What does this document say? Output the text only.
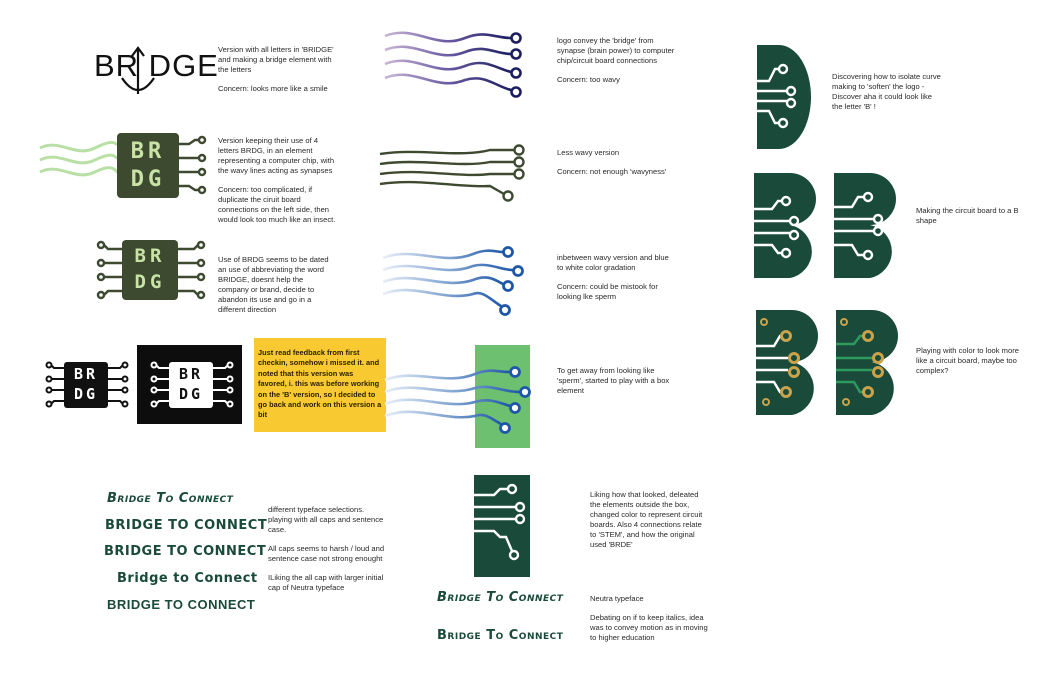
BR DGE Version with all letters in 'BRIDGE' and making a bridge element with the letters

Concern: looks more like a smile

BR
DG

Version keeping their use of 4 letters BRDG, in an element representing a computer chip, with the wavy lines acting as synapses

Concern: too complicated, if duplicate the ciruit board connections on the left side, then would look too much like an insect.

BR
DG

Use of BRDG seems to be dated an use of abbreviating the word BRIDGE, doesnt help the company or brand, decide to abandon its use and go in a different direction

BR
DG
BR
DG
Just read feedback from first checkin, somehow i missed it. and noted that this version was favored, i. this was before working on the 'B' version, so I decided to go back and work on this version a bit
Bridge To Connect
BRIDGE TO CONNECT
BRIDGE TO CONNECT
Bridge to Connect
BRIDGE TO CONNECT

different typeface selections. playing with all caps and sentence case.

All caps seems to harsh / loud and sentence case not strong enought

ILiking the all cap with larger initial cap of Neutra typeface

logo convey the 'bridge' from synapse (brain power) to computer chip/circuit board connections

Concern: too wavy

Less wavy version

Concern: not enough 'wavyness'

inbetween wavy version and blue to white color gradation

Concern: could be mistook for looking lke sperm

To get away from looking like 'sperm', started to play with a box element

Liking how that looked, deleated the elements outside the box, changed color to represent circuit boards. Also 4 connections relate to 'STEM', and how the original used 'BRDE'

Bridge To Connect
Bridge To Connect

Neutra typeface

Debating on if to keep italics, idea was to convey motion as in moving to higher education

Discovering how to isolate curve making to 'soften' the logo - Discover aha it could look like the letter 'B' !

Making the circuit board to a B shape

Playing with color to look more like a circuit board, maybe too complex?
